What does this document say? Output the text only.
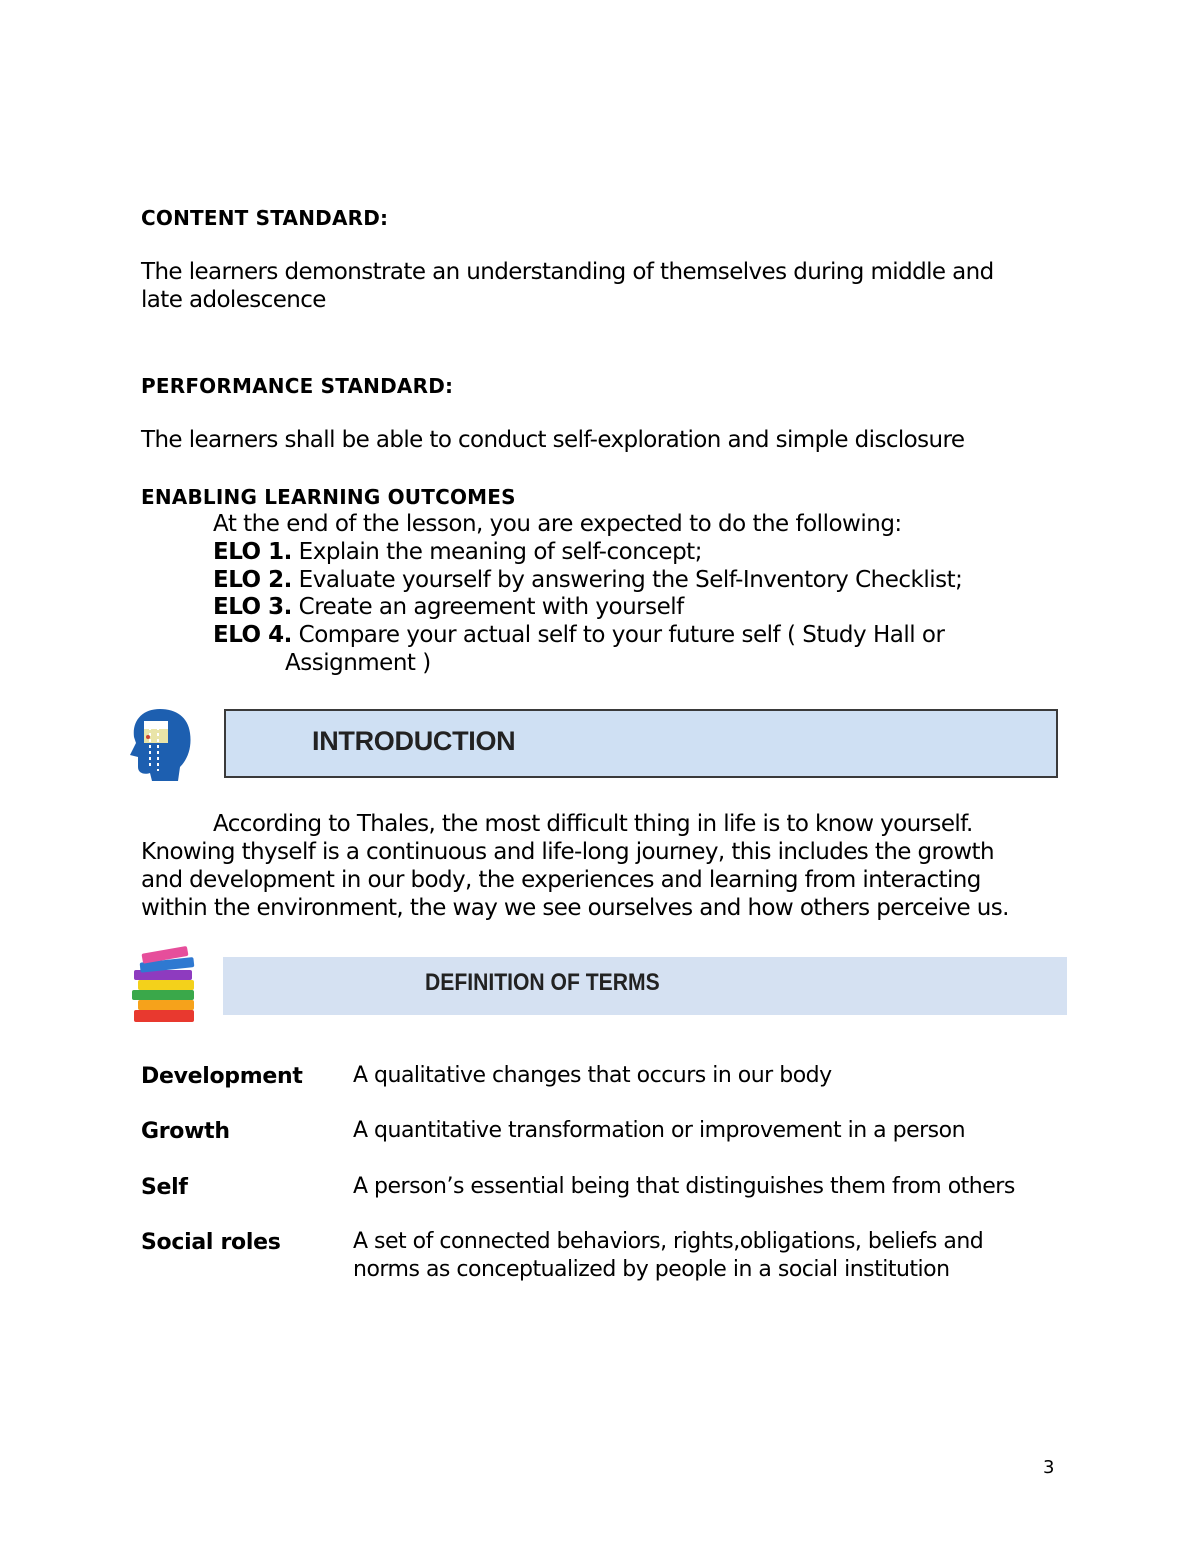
CONTENT STANDARD:
The learners demonstrate an understanding of themselves during middle and late adolescence
PERFORMANCE STANDARD:
The learners shall be able to conduct self-exploration and simple disclosure
ENABLING LEARNING OUTCOMES
At the end of the lesson, you are expected to do the following:
ELO 1. Explain the meaning of self-concept;
ELO 2. Evaluate yourself by answering the Self-Inventory Checklist;
ELO 3. Create an agreement with yourself
ELO 4. Compare your actual self to your future self ( Study Hall or
Assignment )
INTRODUCTION
According to Thales, the most difficult thing in life is to know yourself.
Knowing thyself is a continuous and life-long journey, this includes the growth
and development in our body, the experiences and learning from interacting
within the environment, the way we see ourselves and how others perceive us.
DEFINITION OF TERMS
Development A qualitative changes that occurs in our body
Growth	A quantitative transformation or improvement in a person
Self	A person’s essential being that distinguishes them from others
Social roles	A set of connected behaviors, rights,obligations, beliefs and
norms as conceptualized by people in a social institution
3
